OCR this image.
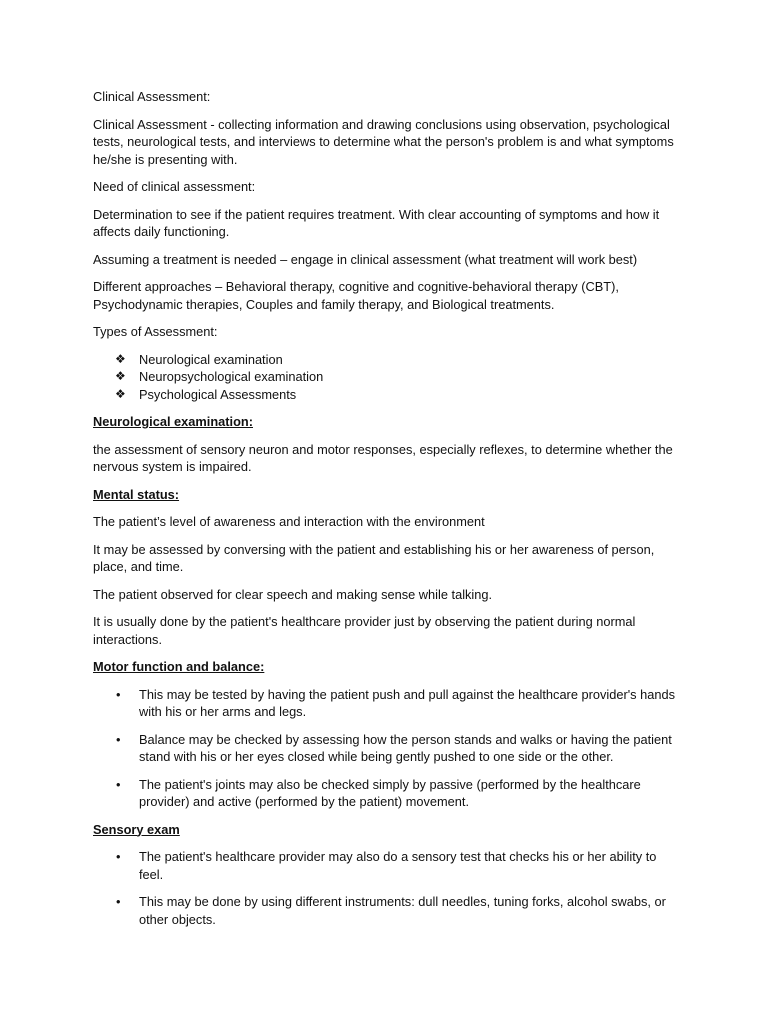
Clinical Assessment:

Clinical Assessment - collecting information and drawing conclusions using observation, psychological tests, neurological tests, and interviews to determine what the person's problem is and what symptoms he/she is presenting with.

Need of clinical assessment:

Determination to see if the patient requires treatment. With clear accounting of symptoms and how it affects daily functioning.

Assuming a treatment is needed – engage in clinical assessment (what treatment will work best)

Different approaches – Behavioral therapy, cognitive and cognitive-behavioral therapy (CBT), Psychodynamic therapies, Couples and family therapy, and Biological treatments.

Types of Assessment:

❖ Neurological examination
❖ Neuropsychological examination
❖ Psychological Assessments

Neurological examination:

the assessment of sensory neuron and motor responses, especially reflexes, to determine whether the nervous system is impaired.

Mental status:

The patient’s level of awareness and interaction with the environment

It may be assessed by conversing with the patient and establishing his or her awareness of person, place, and time.

The patient observed for clear speech and making sense while talking.

It is usually done by the patient's healthcare provider just by observing the patient during normal interactions.

Motor function and balance:

• This may be tested by having the patient push and pull against the healthcare provider's hands with his or her arms and legs.
• Balance may be checked by assessing how the person stands and walks or having the patient stand with his or her eyes closed while being gently pushed to one side or the other.
• The patient's joints may also be checked simply by passive (performed by the healthcare provider) and active (performed by the patient) movement.

Sensory exam

• The patient's healthcare provider may also do a sensory test that checks his or her ability to feel.
• This may be done by using different instruments: dull needles, tuning forks, alcohol swabs, or other objects.
